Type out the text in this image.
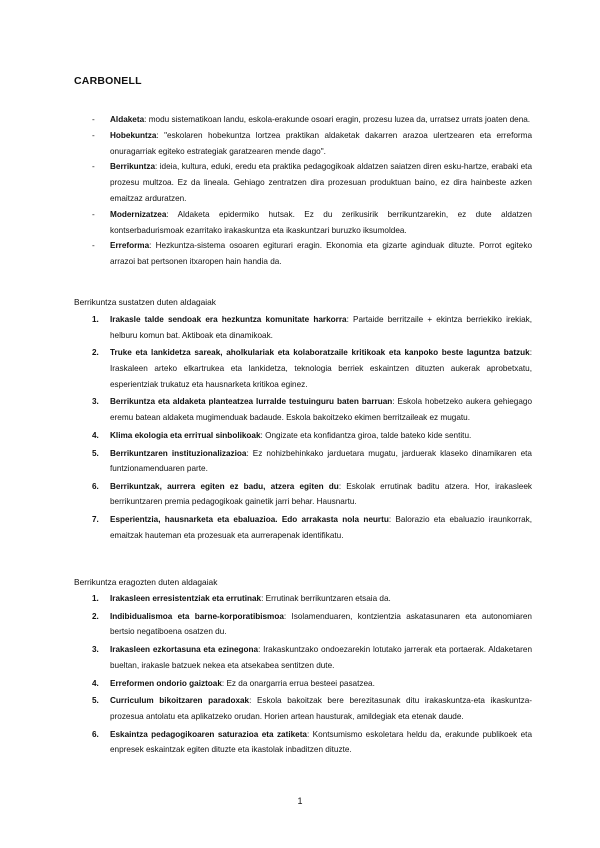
CARBONELL

- Aldaketa: modu sistematikoan landu, eskola-erakunde osoari eragin, prozesu luzea da, urratsez urrats joaten dena.

- Hobekuntza: "eskolaren hobekuntza lortzea praktikan aldaketak dakarren arazoa ulertzearen eta erreforma onuragarriak egiteko estrategiak garatzearen mende dago".

- Berrikuntza: ideia, kultura, eduki, eredu eta praktika pedagogikoak aldatzen saiatzen diren esku-hartze, erabaki eta prozesu multzoa. Ez da lineala. Gehiago zentratzen dira prozesuan produktuan baino, ez dira hainbeste azken emaitzaz arduratzen.

- Modernizatzea: Aldaketa epidermiko hutsak. Ez du zerikusirik berrikuntzarekin, ez dute aldatzen kontserbadurismoak ezarritako irakaskuntza eta ikaskuntzari buruzko iksumoldea.

- Erreforma: Hezkuntza-sistema osoaren egiturari eragin. Ekonomia eta gizarte aginduak dituzte. Porrot egiteko arrazoi bat pertsonen itxaropen hain handia da.

Berrikuntza sustatzen duten aldagaiak

1. Irakasle talde sendoak era hezkuntza komunitate harkorra: Partaide berritzaile + ekintza berriekiko irekiak, helburu komun bat. Aktiboak eta dinamikoak.

2. Truke eta lankidetza sareak, aholkulariak eta kolaboratzaile kritikoak eta kanpoko beste laguntza batzuk: Iraskaleen arteko elkartrukea eta lankidetza, teknologia berriek eskaintzen dituzten aukerak aprobetxatu, esperientziak trukatuz eta hausnarketa kritikoa eginez.

3. Berrikuntza eta aldaketa planteatzea lurralde testuinguru baten barruan: Eskola hobetzeko aukera gehiegago eremu batean aldaketa mugimenduak badaude. Eskola bakoitzeko ekimen berritzaileak ez mugatu.

4. Klima ekologia eta errітual sinbolikoak: Ongizate eta konfidantza giroa, talde bateko kide sentitu.

5. Berrikuntzaren instituzionalizazioa: Ez nohizbehinkako jarduetara mugatu, jarduerak klaseko dinamikaren eta funtzionamenduaren parte.

6. Berrikuntzak, aurrera egiten ez badu, atzera egiten du: Eskolak errutinak baditu atzera. Hor, irakasleek berrikuntzaren premia pedagogikoak gainetik jarri behar. Hausnartu.

7. Esperientzia, hausnarketa eta ebaluazioa. Edo arrakasta nola neurtu: Balorazio eta ebaluazio iraunkorrak, emaitzak hauteman eta prozesuak eta aurrerapenak identifikatu.

Berrikuntza eragozten duten aldagaiak

1. Irakasleen erresistentziak eta errutinak: Errutinak berrikuntzaren etsaia da.

2. Indibidualismoa eta barne-korporatibismoa: Isolamenduaren, kontzientzia askatasunaren eta autonomiaren bertsio negatiboena osatzen du.

3. Irakasleen ezkortasuna eta ezinegona: Irakaskuntzako ondoezarekin lotutako jarrerak eta portaerak. Aldaketaren bueltan, irakasle batzuek nekea eta atsekabea sentitzen dute.

4. Erreformen ondorio gaiztoak: Ez da onargarria errua besteei pasatzea.

5. Curriculum bikoitzaren paradoxak: Eskola bakoitzak bere berezitasunak ditu irakaskuntza-eta ikaskuntza-prozesua antolatu eta aplikatzeko orudan. Horien artean hausturak, amildegiak eta etenak daude.

6. Eskaintza pedagogikoaren saturazioa eta zatiketa: Kontsumismo eskoletara heldu da, erakunde publikoek eta enpresek eskaintzak egiten dituzte eta ikastolak inbaditzen dituzte.

1
